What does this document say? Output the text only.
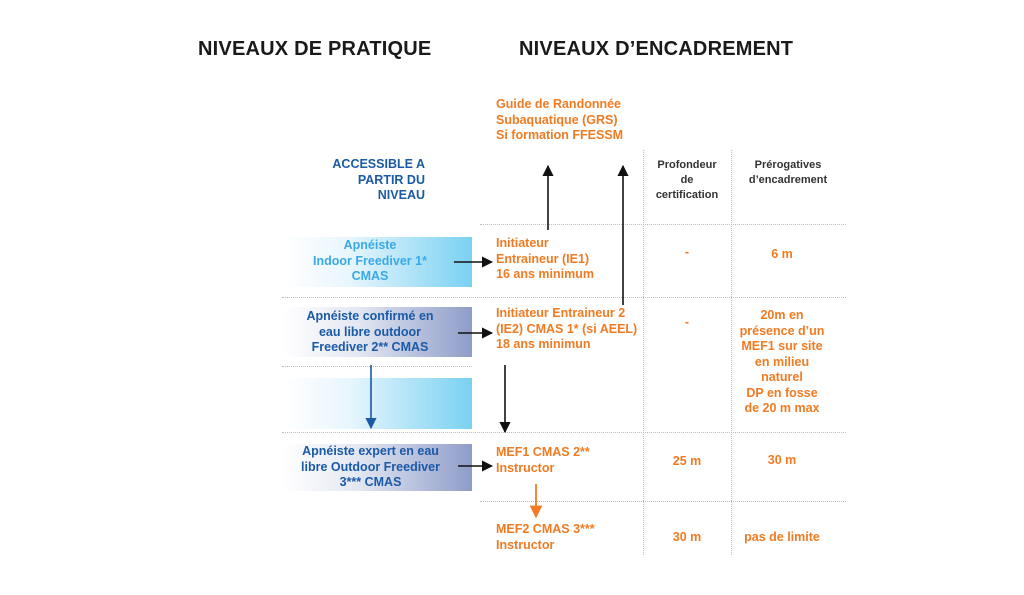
NIVEAUX DE PRATIQUE	NIVEAUX D’ENCADREMENT
Guide de Randonnée
Subaquatique (GRS)
Si formation FFESSM
ACCESSIBLE A
PARTIR DU
NIVEAU
Profondeur
de
certification
Prérogatives
d’encadrement
Apnéiste
Indoor Freediver 1*
CMAS
Apnéiste confirmé en
eau libre outdoor
Freediver 2** CMAS
Apnéiste expert en eau
libre Outdoor Freediver
3*** CMAS
Initiateur
Entraineur (IE1)
16 ans minimum
Initiateur Entraineur 2
(IE2) CMAS 1* (si AEEL)
18 ans minimun
MEF1 CMAS 2**
Instructor
MEF2 CMAS 3***
Instructor
-
-
25 m
30 m
6 m
20m en
présence d’un
MEF1 sur site
en milieu
naturel
DP en fosse
de 20 m max
30 m
pas de limite
